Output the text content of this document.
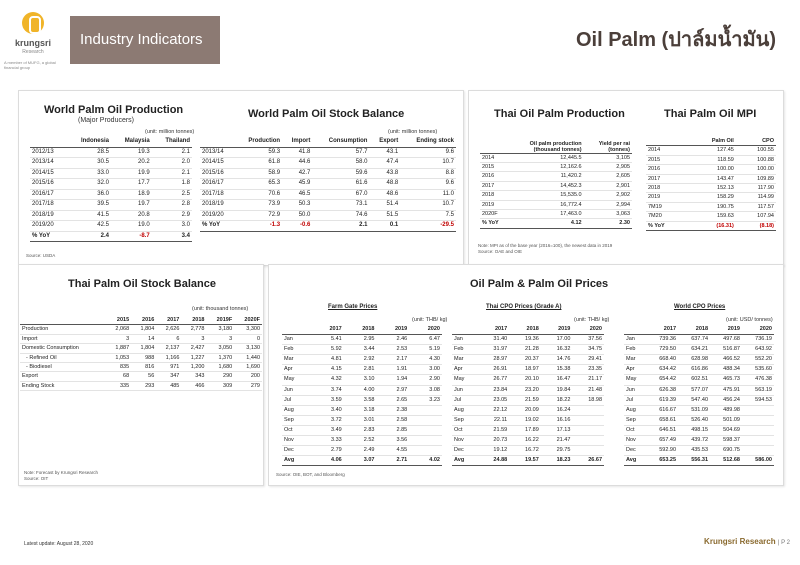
krungsri
Research
A member of MUFG, a global financial group
Industry Indicators	Oil Palm (ปาล์มน้ำมัน)
World Palm Oil Production
(Major Producers)
(unit: million tonnes)
	Indonesia	Malaysia	Thailand
2012/13	28.5	19.3	2.1
2013/14	30.5	20.2	2.0
2014/15	33.0	19.9	2.1
2015/16	32.0	17.7	1.8
2016/17	36.0	18.9	2.5
2017/18	39.5	19.7	2.8
2018/19	41.5	20.8	2.9
2019/20	42.5	19.0	3.0
% YoY	2.4	-8.7	3.4
Source: USDA
World Palm Oil Stock Balance
(unit: million tonnes)
	Production	Import	Consumption	Export	Ending stock
2013/14	59.3	41.8	57.7	43.1	9.6
2014/15	61.8	44.6	58.0	47.4	10.7
2015/16	58.9	42.7	59.6	43.8	8.8
2016/17	65.3	45.9	61.6	48.8	9.6
2017/18	70.6	46.5	67.0	48.6	11.0
2018/19	73.9	50.3	73.1	51.4	10.7
2019/20	72.9	50.0	74.6	51.5	7.5
% YoY	-1.3	-0.6	2.1	0.1	-29.5
Thai Oil Palm Production
	Oil palm production (thousand tonnes)	Yield per rai (tonnes)
2014	12,445.5	3,105
2015	12,162.6	2,905
2016	11,420.2	2,605
2017	14,452.3	2,901
2018	15,535.0	2,902
2019	16,772.4	2,994
2020F	17,463.0	3,063
% YoY	4.12	2.30
Note: MPI as of the base year (2016=100), the newest data in 2019
Source: OAE and OIE
Thai Palm Oil MPI
	Palm Oil	CPO
2014	127.45	100.55
2015	118.59	100.88
2016	100.00	100.00
2017	143.47	109.89
2018	152.13	117.90
2019	158.29	114.99
7M19	190.75	117.57
7M20	159.63	107.94
% YoY	(16.31)	(8.18)
Thai Palm Oil Stock Balance
(unit: thousand tonnes)
	2015	2016	2017	2018	2019F	2020F
Production	2,068	1,804	2,626	2,778	3,180	3,300
Import	3	14	6	3	3	0
Domestic Consumption	1,887	1,804	2,137	2,427	3,050	3,130
- Refined Oil	1,053	988	1,166	1,227	1,370	1,440
- Biodiesel	835	816	971	1,200	1,680	1,690
Export	68	56	347	343	290	200
Ending Stock	335	293	485	466	309	279
Note: Forecast by Krungsri Research
Source: OIT
Oil Palm & Palm Oil Prices
Farm Gate Prices
(unit: THB/ kg)
	2017	2018	2019	2020
Jan	5.41	2.95	2.46	6.47
Feb	5.92	3.44	2.53	5.19
Mar	4.81	2.92	2.17	4.30
Apr	4.15	2.81	1.91	3.00
May	4.32	3.10	1.94	2.90
Jun	3.74	4.00	2.97	3.08
Jul	3.59	3.58	2.65	3.23
Aug	3.40	3.18	2.38	
Sep	3.72	3.01	2.58	
Oct	3.49	2.83	2.85	
Nov	3.33	2.52	3.56	
Dec	2.79	2.49	4.55	
Avg	4.06	3.07	2.71	4.02
Thai CPO Prices (Grade A)
(unit: THB/ kg)
	2017	2018	2019	2020
Jan	31.40	19.36	17.00	37.56
Feb	31.97	21.28	16.32	34.75
Mar	28.97	20.37	14.76	29.41
Apr	26.91	18.97	15.38	23.35
May	26.77	20.10	16.47	21.17
Jun	23.84	23.20	19.84	21.48
Jul	23.05	21.59	18.22	18.98
Aug	22.12	20.09	16.24	
Sep	22.11	19.02	16.16	
Oct	21.59	17.89	17.13	
Nov	20.73	16.22	21.47	
Dec	19.12	16.72	29.75	
Avg	24.88	19.57	18.23	26.67
World CPO Prices
(unit: USD/ tonnes)
	2017	2018	2019	2020
Jan	739.36	637.74	497.68	736.19
Feb	729.50	634.21	516.87	643.92
Mar	668.40	628.98	466.52	552.20
Apr	634.42	616.86	488.34	535.60
May	654.42	602.51	465.73	476.38
Jun	626.38	577.07	475.91	563.19
Jul	619.39	547.40	456.24	594.53
Aug	616.67	531.09	489.98	
Sep	658.61	526.40	501.09	
Oct	646.51	498.15	504.69	
Nov	657.49	439.72	598.37	
Dec	592.90	435.53	690.75	
Avg	653.25	556.31	512.68	586.00
Source: OIE, BOT, and Bloomberg
Latest update: August 28, 2020	Krungsri Research | P 2
